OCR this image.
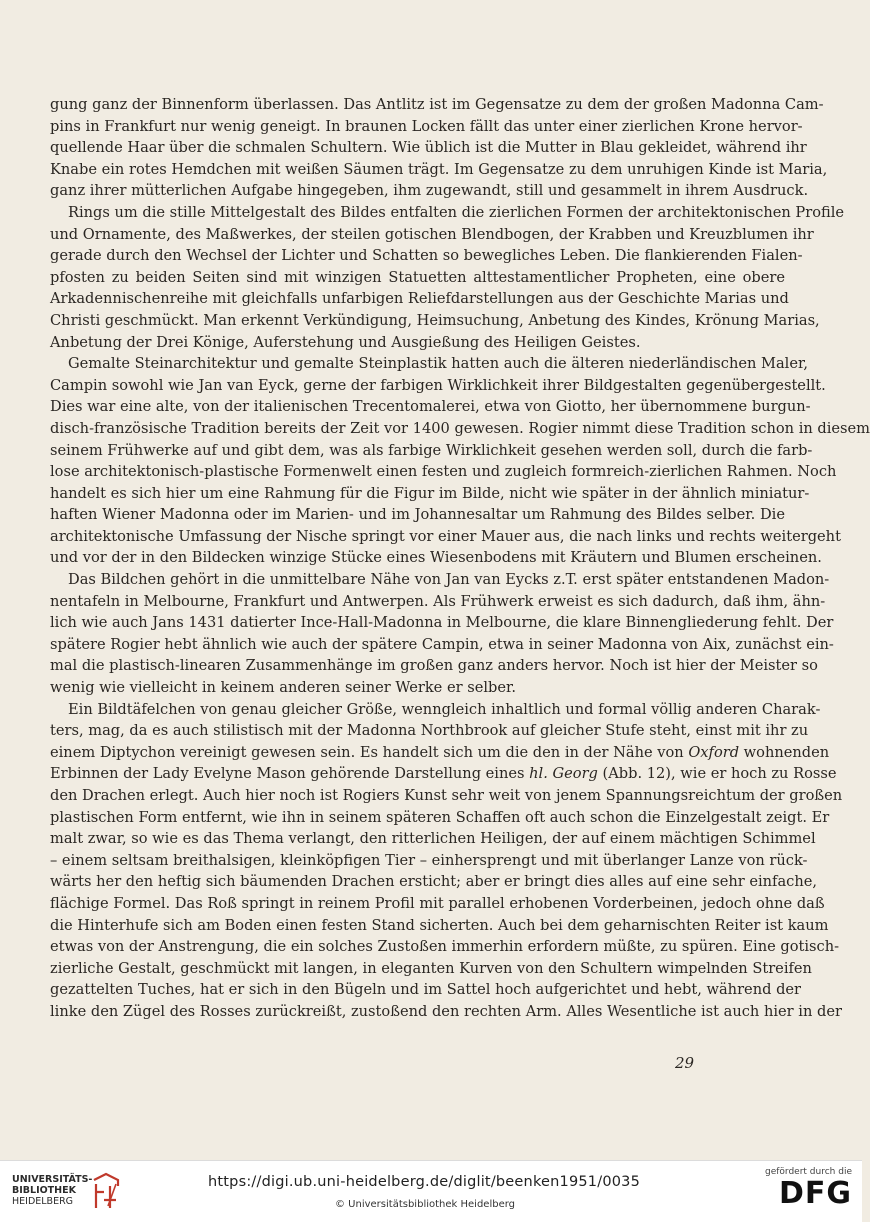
gung ganz der Binnenform überlassen. Das Antlitz ist im Gegensatze zu dem der großen Madonna Cam-
pins in Frankfurt nur wenig geneigt. In braunen Locken fällt das unter einer zierlichen Krone hervor-
quellende Haar über die schmalen Schultern. Wie üblich ist die Mutter in Blau gekleidet, während ihr
Knabe ein rotes Hemdchen mit weißen Säumen trägt. Im Gegensatze zu dem unruhigen Kinde ist Maria,
ganz ihrer mütterlichen Aufgabe hingegeben, ihm zugewandt, still und gesammelt in ihrem Ausdruck.
Rings um die stille Mittelgestalt des Bildes entfalten die zierlichen Formen der architektonischen Profile
und Ornamente, des Maßwerkes, der steilen gotischen Blendbogen, der Krabben und Kreuzblumen ihr
gerade durch den Wechsel der Lichter und Schatten so bewegliches Leben. Die flankierenden Fialen-
pfosten zu beiden Seiten sind mit winzigen Statuetten alttestamentlicher Propheten, eine obere
Arkadennischenreihe mit gleichfalls unfarbigen Reliefdarstellungen aus der Geschichte Marias und
Christi geschmückt. Man erkennt Verkündigung, Heimsuchung, Anbetung des Kindes, Krönung Marias,
Anbetung der Drei Könige, Auferstehung und Ausgießung des Heiligen Geistes.
Gemalte Steinarchitektur und gemalte Steinplastik hatten auch die älteren niederländischen Maler,
Campin sowohl wie Jan van Eyck, gerne der farbigen Wirklichkeit ihrer Bildgestalten gegenübergestellt.
Dies war eine alte, von der italienischen Trecentomalerei, etwa von Giotto, her übernommene burgun-
disch-französische Tradition bereits der Zeit vor 1400 gewesen. Rogier nimmt diese Tradition schon in diesem
seinem Frühwerke auf und gibt dem, was als farbige Wirklichkeit gesehen werden soll, durch die farb-
lose architektonisch-plastische Formenwelt einen festen und zugleich formreich-zierlichen Rahmen. Noch
handelt es sich hier um eine Rahmung für die Figur im Bilde, nicht wie später in der ähnlich miniatur-
haften Wiener Madonna oder im Marien- und im Johannesaltar um Rahmung des Bildes selber. Die
architektonische Umfassung der Nische springt vor einer Mauer aus, die nach links und rechts weitergeht
und vor der in den Bildecken winzige Stücke eines Wiesenbodens mit Kräutern und Blumen erscheinen.
Das Bildchen gehört in die unmittelbare Nähe von Jan van Eycks z.T. erst später entstandenen Madon-
nentafeln in Melbourne, Frankfurt und Antwerpen. Als Frühwerk erweist es sich dadurch, daß ihm, ähn-
lich wie auch Jans 1431 datierter Ince-Hall-Madonna in Melbourne, die klare Binnengliederung fehlt. Der
spätere Rogier hebt ähnlich wie auch der spätere Campin, etwa in seiner Madonna von Aix, zunächst ein-
mal die plastisch-linearen Zusammenhänge im großen ganz anders hervor. Noch ist hier der Meister so
wenig wie vielleicht in keinem anderen seiner Werke er selber.
Ein Bildtäfelchen von genau gleicher Größe, wenngleich inhaltlich und formal völlig anderen Charak-
ters, mag, da es auch stilistisch mit der Madonna Northbrook auf gleicher Stufe steht, einst mit ihr zu
einem Diptychon vereinigt gewesen sein. Es handelt sich um die den in der Nähe von Oxford wohnenden
Erbinnen der Lady Evelyne Mason gehörende Darstellung eines hl. Georg (Abb. 12), wie er hoch zu Rosse
den Drachen erlegt. Auch hier noch ist Rogiers Kunst sehr weit von jenem Spannungsreichtum der großen
plastischen Form entfernt, wie ihn in seinem späteren Schaffen oft auch schon die Einzelgestalt zeigt. Er
malt zwar, so wie es das Thema verlangt, den ritterlichen Heiligen, der auf einem mächtigen Schimmel
– einem seltsam breithalsigen, kleinköpfigen Tier – einhersprengt und mit überlanger Lanze von rück-
wärts her den heftig sich bäumenden Drachen ersticht; aber er bringt dies alles auf eine sehr einfache,
flächige Formel. Das Roß springt in reinem Profil mit parallel erhobenen Vorderbeinen, jedoch ohne daß
die Hinterhufe sich am Boden einen festen Stand sicherten. Auch bei dem geharnischten Reiter ist kaum
etwas von der Anstrengung, die ein solches Zustoßen immerhin erfordern müßte, zu spüren. Eine gotisch-
zierliche Gestalt, geschmückt mit langen, in eleganten Kurven von den Schultern wimpelnden Streifen
gezattelten Tuches, hat er sich in den Bügeln und im Sattel hoch aufgerichtet und hebt, während der
linke den Zügel des Rosses zurückreißt, zustoßend den rechten Arm. Alles Wesentliche ist auch hier in der
29
UNIVERSITÄTS-
BIBLIOTHEK
HEIDELBERG
https://digi.ub.uni-heidelberg.de/diglit/beenken1951/0035
© Universitätsbibliothek Heidelberg
gefördert durch die
DFG
